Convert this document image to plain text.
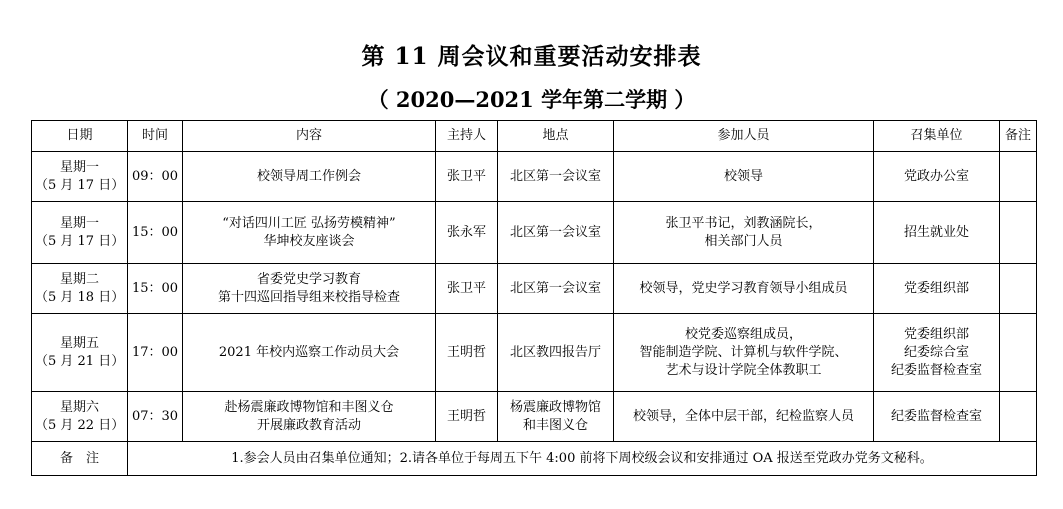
第 11 周会议和重要活动安排表
（ 2020—2021 学年第二学期 ）
日期	时间	内容	主持人	地点	参加人员	召集单位	备注
星期一
（5 月 17 日）	09：00	校领导周工作例会	张卫平	北区第一会议室	校领导	党政办公室	
星期一
（5 月 17 日）	15：00	“对话四川工匠 弘扬劳模精神”
华坤校友座谈会	张永军	北区第一会议室	张卫平书记，刘教涵院长，
相关部门人员	招生就业处	
星期二
（5 月 18 日）	15：00	省委党史学习教育
第十四巡回指导组来校指导检查	张卫平	北区第一会议室	校领导，党史学习教育领导小组成员	党委组织部	
星期五
（5 月 21 日）	17：00	2021 年校内巡察工作动员大会	王明哲	北区教四报告厅	校党委巡察组成员，
智能制造学院、计算机与软件学院、
艺术与设计学院全体教职工	党委组织部
纪委综合室
纪委监督检查室	
星期六
（5 月 22 日）	07：30	赴杨震廉政博物馆和丰图义仓
开展廉政教育活动	王明哲	杨震廉政博物馆
和丰图义仓	校领导，全体中层干部，纪检监察人员	纪委监督检查室	
备　注	1.参会人员由召集单位通知；2.请各单位于每周五下午 4:00 前将下周校级会议和安排通过 OA 报送至党政办党务文秘科。						
